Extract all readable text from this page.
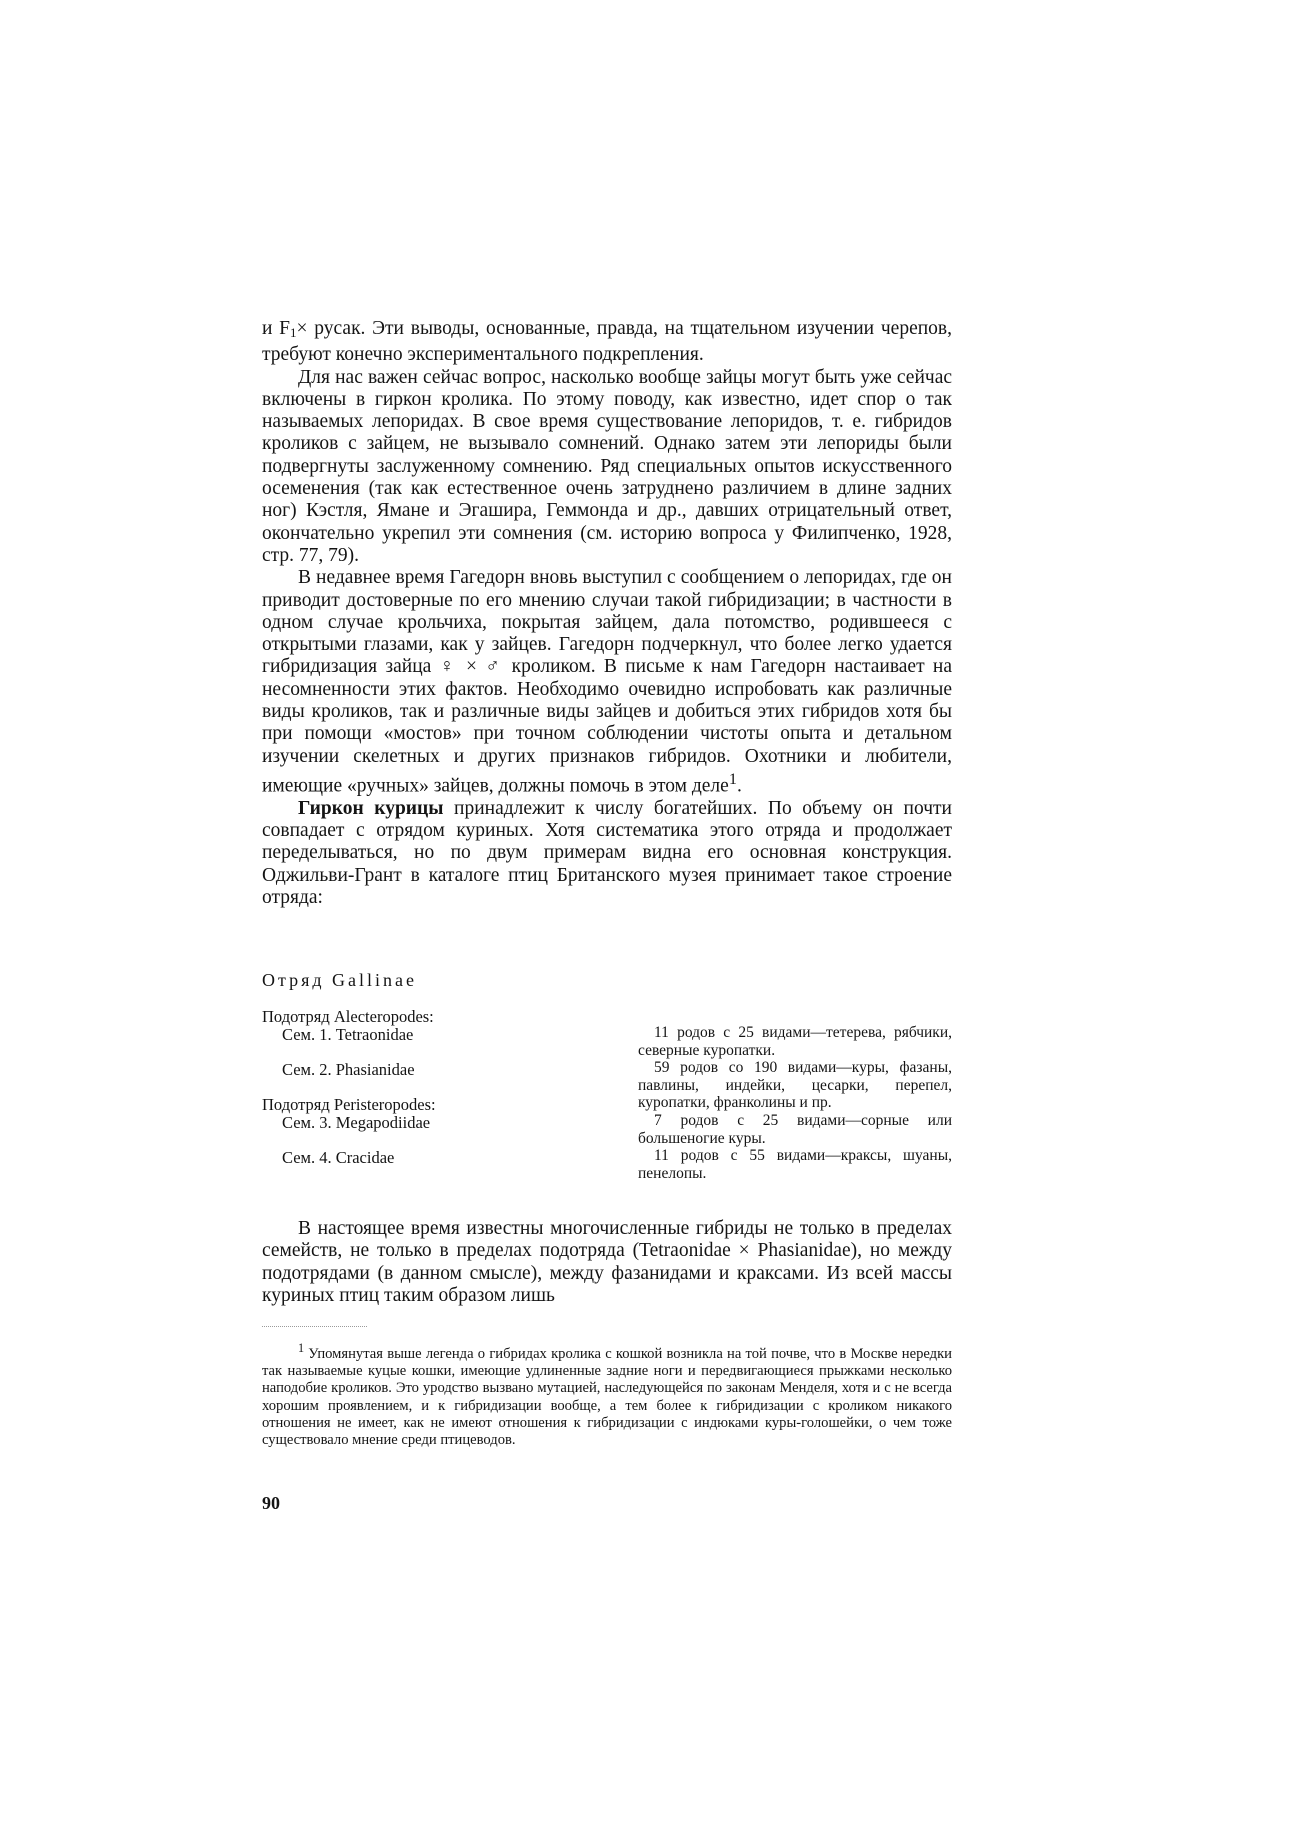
и $F_1\times$ русак. Эти выводы, основанные, правда, на тщательном изучении черепов, требуют конечно экспериментального подкрепления.

Для нас важен сейчас вопрос, насколько вообще зайцы могут быть уже сейчас включены в гиркон кролика. По этому поводу, как известно, идет спор о так называемых лепоридах. В свое время существование лепоридов, т. е. гибридов кроликов с зайцем, не вызывало сомнений. Однако затем эти лепориды были подвергнуты заслуженному сомнению. Ряд специальных опытов искусственного осеменения (так как естественное очень затруднено различием в длине задних ног) Кэстля, Ямане и Эгашира, Геммонда и др., давших отрицательный ответ, окончательно укрепил эти сомнения (см. историю вопроса у Филипченко, 1928, стр. 77, 79).

В недавнее время Гагедорн вновь выступил с сообщением о лепоридах, где он приводит достоверные по его мнению случаи такой гибридизации; в частности в одном случае крольчиха, покрытая зайцем, дала потомство, родившееся с открытыми глазами, как у зайцев. Гагедорн подчеркнул, что более легко удается гибридизация зайца ♀ × ♂ кроликом. В письме к нам Гагедорн настаивает на несомненности этих фактов. Необходимо очевидно испробовать как различные виды кроликов, так и различные виды зайцев и добиться этих гибридов хотя бы при помощи «мостов» при точном соблюдении чистоты опыта и детальном изучении скелетных и других признаков гибридов. Охотники и любители, имеющие «ручных» зайцев, должны помочь в этом деле$^1$.

Гиркон курицы принадлежит к числу богатейших. По объему он почти совпадает с отрядом куриных. Хотя систематика этого отряда и продолжает переделываться, но по двум примерам видна его основная конструкция. Оджильви-Грант в каталоге птиц Британского музея принимает такое строение отряда:

Отряд Gallinae

Подотряд Alecteropodes:
Сем. 1. Tetraonidae
Сем. 2. Phasianidae
Подотряд Peristeropodes:
Сем. 3. Megapodiidae
Сем. 4. Cracidae

11 родов с 25 видами—тетерева, рябчики, северные куропатки.

59 родов со 190 видами—куры, фазаны, павлины, индейки, цесарки, перепел, куропатки, франколины и пр.

7 родов с 25 видами—сорные или большеногие куры.

11 родов с 55 видами—краксы, шуаны, пенелопы.

В настоящее время известны многочисленные гибриды не только в пределах семейств, не только в пределах подотряда (Tetraonidae × Phasianidae), но между подотрядами (в данном смысле), между фазанидами и краксами. Из всей массы куриных птиц таким образом лишь

$^1$ Упомянутая выше легенда о гибридах кролика с кошкой возникла на той почве, что в Москве нередки так называемые куцые кошки, имеющие удлиненные задние ноги и передвигающиеся прыжками несколько наподобие кроликов. Это уродство вызвано мутацией, наследующейся по законам Менделя, хотя и с не всегда хорошим проявлением, и к гибридизации вообще, а тем более к гибридизации с кроликом никакого отношения не имеет, как не имеют отношения к гибридизации с индюками куры-голошейки, о чем тоже существовало мнение среди птицеводов.

90
